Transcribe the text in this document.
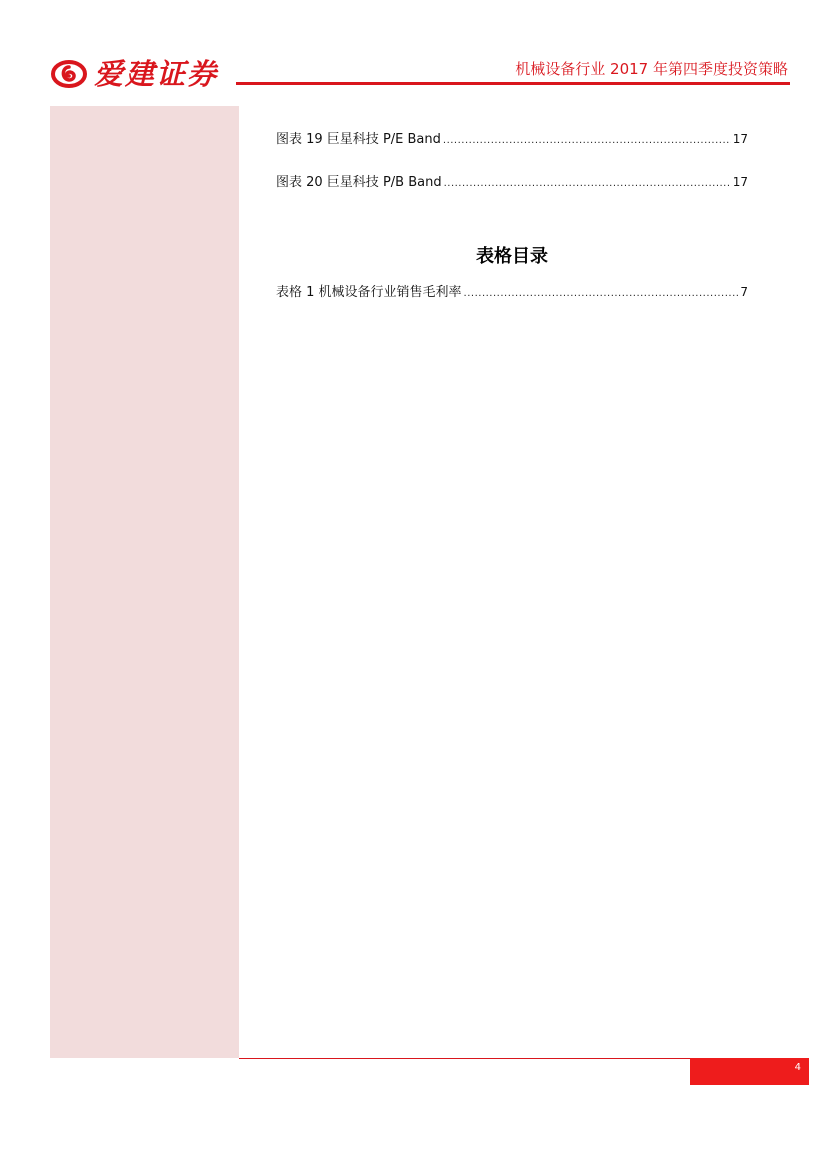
爱建证券	机械设备行业 2017 年第四季度投资策略
图表 19 巨星科技 P/E Band .....	17
图表 20 巨星科技 P/B Band .....	17
表格目录
表格 1 机械设备行业销售毛利率 .....	7
4
